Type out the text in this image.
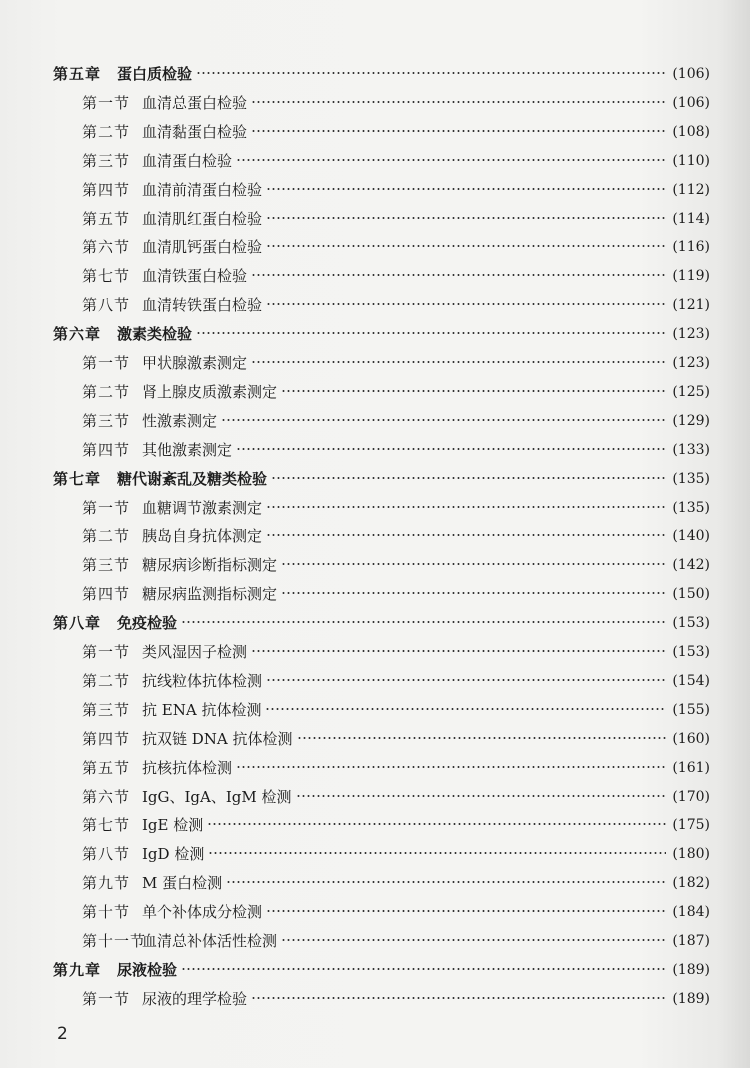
第五章 蛋白质检验	(106)
第一节 血清总蛋白检验	(106)
第二节 血清黏蛋白检验	(108)
第三节 血清蛋白检验	(110)
第四节 血清前清蛋白检验	(112)
第五节 血清肌红蛋白检验	(114)
第六节 血清肌钙蛋白检验	(116)
第七节 血清铁蛋白检验	(119)
第八节 血清转铁蛋白检验	(121)
第六章 激素类检验	(123)
第一节 甲状腺激素测定	(123)
第二节 肾上腺皮质激素测定	(125)
第三节 性激素测定	(129)
第四节 其他激素测定	(133)
第七章 糖代谢紊乱及糖类检验	(135)
第一节 血糖调节激素测定	(135)
第二节 胰岛自身抗体测定	(140)
第三节 糖尿病诊断指标测定	(142)
第四节 糖尿病监测指标测定	(150)
第八章 免疫检验	(153)
第一节 类风湿因子检测	(153)
第二节 抗线粒体抗体检测	(154)
第三节 抗 ENA 抗体检测	(155)
第四节 抗双链 DNA 抗体检测	(160)
第五节 抗核抗体检测	(161)
第六节 IgG、IgA、IgM 检测	(170)
第七节 IgE 检测	(175)
第八节 IgD 检测	(180)
第九节 M 蛋白检测	(182)
第十节 单个补体成分检测	(184)
第十一节血清总补体活性检测	(187)
第九章 尿液检验	(189)
第一节 尿液的理学检验	(189)
2
